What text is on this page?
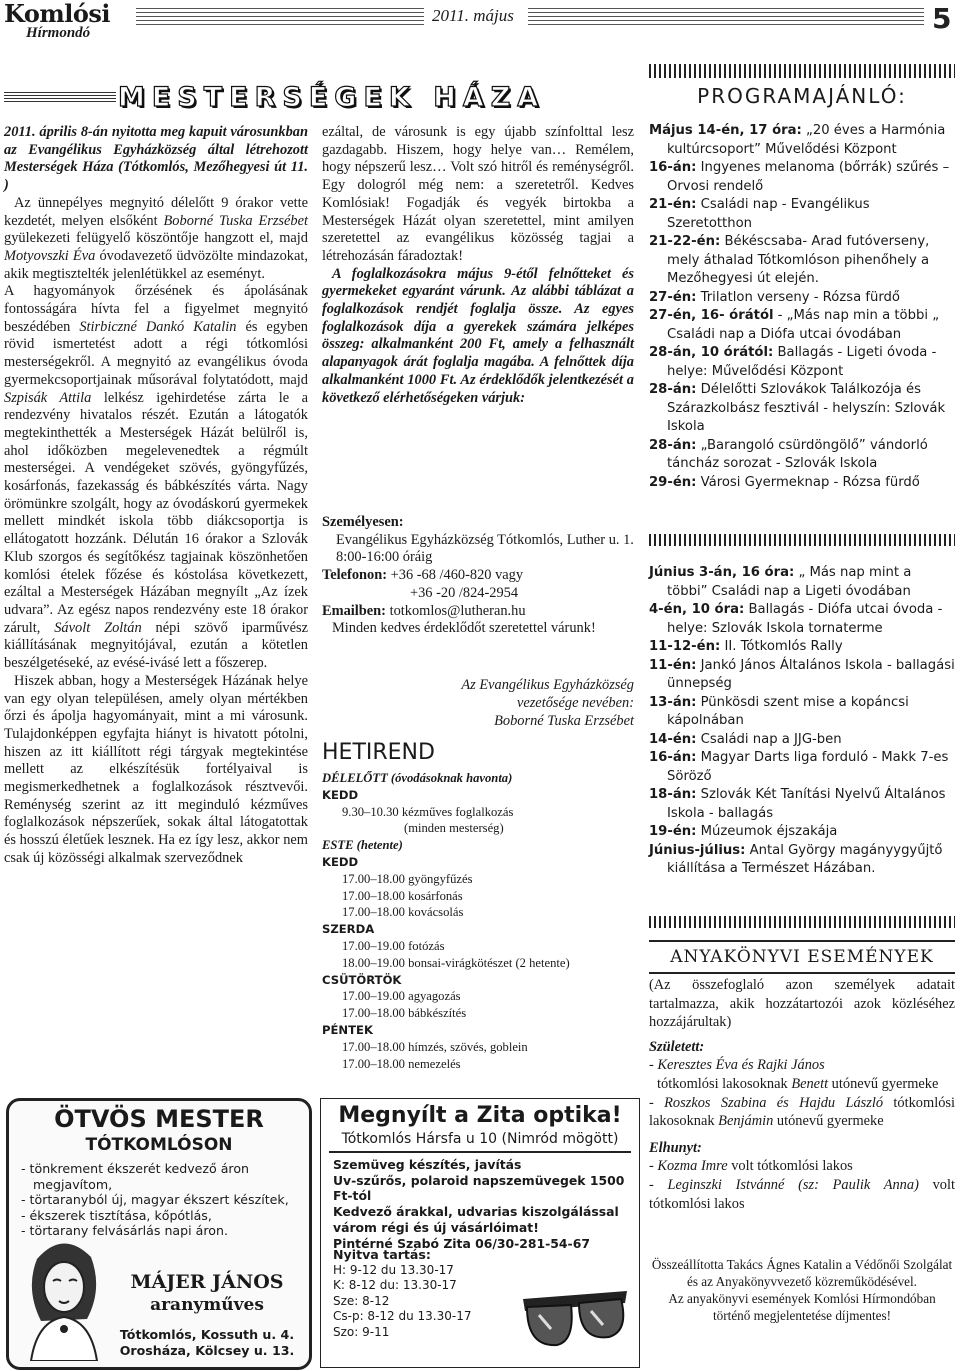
Komlósi
Hírmondó
2011. május	5
MESTERSÉGEK HÁZA

2011. április 8-án nyitotta meg kapuit városunkban az Evangélikus Egyházközség által létrehozott Mesterségek Háza (Tótkomlós, Mezőhegyesi út 11. )

Az ünnepélyes megnyitó délelőtt 9 órakor vette kezdetét, melyen elsőként Boborné Tuska Erzsébet gyülekezeti felügyelő köszöntője hangzott el, majd Motyovszki Éva óvodavezető üdvözölte mindazokat, akik megtisztelték jelenlétükkel az eseményt.

A hagyományok őrzésének és ápolásának fontosságára hívta fel a figyelmet megnyitó beszédében Stirbiczné Dankó Katalin és egyben rövid ismertetést adott a régi tótkomlósi mesterségekről. A megnyitó az evangélikus óvoda gyermekcsoportjainak műsorával folytatódott, majd Szpisák Attila lelkész igehirdetése zárta le a rendezvény hivatalos részét. Ezután a látogatók megtekinthették a Mesterségek Házát belülről is, ahol időközben megelevenedtek a régmúlt mesterségei. A vendégeket szövés, gyöngyfűzés, kosárfonás, fazekasság és bábkészítés várta. Nagy örömünkre szolgált, hogy az óvodáskorú gyermekek mellett mindkét iskola több diákcsoportja is ellátogatott hozzánk. Délután 16 órakor a Szlovák Klub szorgos és segítőkész tagjainak köszönhetően komlósi ételek főzése és kóstolása következett, ezáltal a Mesterségek Házában megnyílt „Az ízek udvara”. Az egész napos rendezvény este 18 órakor zárult, Sávolt Zoltán népi szövő iparművész kiállításának megnyitójával, ezután a kötetlen beszélgetéseké, az evésé-ivásé lett a főszerep.

Hiszek abban, hogy a Mesterségek Házának helye van egy olyan településen, amely olyan mértékben őrzi és ápolja hagyományait, mint a mi városunk. Tulajdonképpen egyfajta hiányt is hivatott pótolni, hiszen az itt kiállított régi tárgyak megtekintése mellett az elkészítésük fortélyaival is megismerkedhetnek a foglalkozások résztvevői. Reménység szerint az itt meginduló kézműves foglalkozások népszerűek, sokak által látogatottak és hosszú életűek lesznek. Ha ez így lesz, akkor nem csak új közösségi alkalmak szerveződnek

ezáltal, de városunk is egy újabb színfolttal lesz gazdagabb. Hiszem, hogy helye van… Remélem, hogy népszerű lesz… Volt szó hitről és reménységről. Egy dologról még nem: a szeretetről. Kedves Komlósiak! Fogadják és vegyék birtokba a Mesterségek Házát olyan szeretettel, mint amilyen szeretettel az evangélikus közösség tagjai a létrehozásán fáradoztak!

A foglalkozásokra május 9-étől felnőtteket és gyermekeket egyaránt várunk. Az alábbi táblázat a foglalkozások rendjét foglalja össze. Az egyes foglalkozások díja a gyerekek számára jelképes összeg: alkalmanként 200 Ft, amely a felhasznált alapanyagok árát foglalja magába. A felnőttek díja alkalmanként 1000 Ft. Az érdeklődők jelentkezését a következő elérhetőségeken várjuk:

Személyesen:

Evangélikus Egyházközség Tótkomlós, Luther u. 1. 8:00-16:00 óráig

Telefonon: +36 -68 /460-820 vagy

+36 -20 /824-2954

Emailben: totkomlos@lutheran.hu

Minden kedves érdeklődőt szeretettel várunk!

Az Evangélikus Egyházközség
vezetősége nevében:
Boborné Tuska Erzsébet
HETIREND
DÉLELŐTT (óvodásoknak havonta)
KEDD
9.30–10.30 kézműves foglalkozás
(minden mesterség)
ESTE (hetente)
KEDD
17.00–18.00 gyöngyfűzés
17.00–18.00 kosárfonás
17.00–18.00 kovácsolás
SZERDA
17.00–19.00 fotózás
18.00–19.00 bonsai-virágkötészet (2 hetente)
CSÜTÖRTÖK
17.00–19.00 agyagozás
17.00–18.00 bábkészítés
PÉNTEK
17.00–18.00 hímzés, szövés, goblein
17.00–18.00 nemezelés
PROGRAMAJÁNLÓ:
Május 14-én, 17 óra: „20 éves a Harmónia kultúrcsoport” Művelődési Központ
16-án: Ingyenes melanoma (bőrrák) szűrés – Orvosi rendelő
21-én: Családi nap - Evangélikus Szeretotthon
21-22-én: Békéscsaba- Arad futóverseny, mely áthalad Tótkomlóson pihenőhely a Mezőhegyesi út elején.
27-én: Trilatlon verseny - Rózsa fürdő
27-én, 16- órától - „Más nap min a többi „ Családi nap a Diófa utcai óvodában
28-án, 10 órától: Ballagás - Ligeti óvoda - helye: Művelődési Központ
28-án: Délelőtti Szlovákok Találkozója és Szárazkolbász fesztivál - helyszín: Szlovák Iskola
28-án: „Barangoló csürdöngölő” vándorló táncház sorozat - Szlovák Iskola
29-én: Városi Gyermeknap - Rózsa fürdő
Június 3-án, 16 óra: „ Más nap mint a többi” Családi nap a Ligeti óvodában
4-én, 10 óra: Ballagás - Diófa utcai óvoda - helye: Szlovák Iskola tornaterme
11-12-én: II. Tótkomlós Rally
11-én: Jankó János Általános Iskola - ballagási ünnepség
13-án: Pünkösdi szent mise a kopáncsi kápolnában
14-én: Családi nap a JJG-ben
16-án: Magyar Darts liga forduló - Makk 7-es Söröző
18-án: Szlovák Két Tanítási Nyelvű Általános Iskola - ballagás
19-én: Múzeumok éjszakája
Június-július: Antal György magányygyűjtő kiállítása a Természet Házában.
ANYAKÖNYVI ESEMÉNYEK

(Az összefoglaló azon személyek adatait tartalmazza, akik hozzátartozói azok közléséhez hozzájárultak)

Született:

- Keresztes Éva és Rajki János

tótkomlósi lakosoknak Benett utónevű gyermeke

- Roszkos Szabina és Hajdu László tótkomlósi lakosoknak Benjámin utónevű gyermeke

Elhunyt:

- Kozma Imre volt tótkomlósi lakos

- Leginszki Istvánné (sz: Paulik Anna) volt tótkomlósi lakos

Összeállította Takács Ágnes Katalin a Védőnői Szolgálat és az Anyakönyvvezető közreműködésével.
Az anyakönyvi események Komlósi Hírmondóban történő megjelentetése díjmentes!
ÖTVÖS MESTER
TÓTKOMLÓSON
- tönkrement ékszerét kedvező áron megjavítom,
- törtaranyból új, magyar ékszert készítek,
- ékszerek tisztítása, kőpótlás,
- törtarany felvásárlás napi áron.
MÁJER JÁNOS
aranyműves
Tótkomlós, Kossuth u. 4.
Orosháza, Kölcsey u. 13.
Megnyílt a Zita optika!
Tótkomlós Hársfa u 10 (Nimród mögött)
Szemüveg készítés, javítás
Uv-szűrős, polaroid napszemüvegek 1500 Ft-tól
Kedvező árakkal, udvarias kiszolgálással
várom régi és új vásárlóimat!
Pintérné Szabó Zita 06/30-281-54-67
Nyitva tartás:
H: 9-12 du 13.30-17
K: 8-12 du: 13.30-17
Sze: 8-12
Cs-p: 8-12 du 13.30-17
Szo: 9-11
